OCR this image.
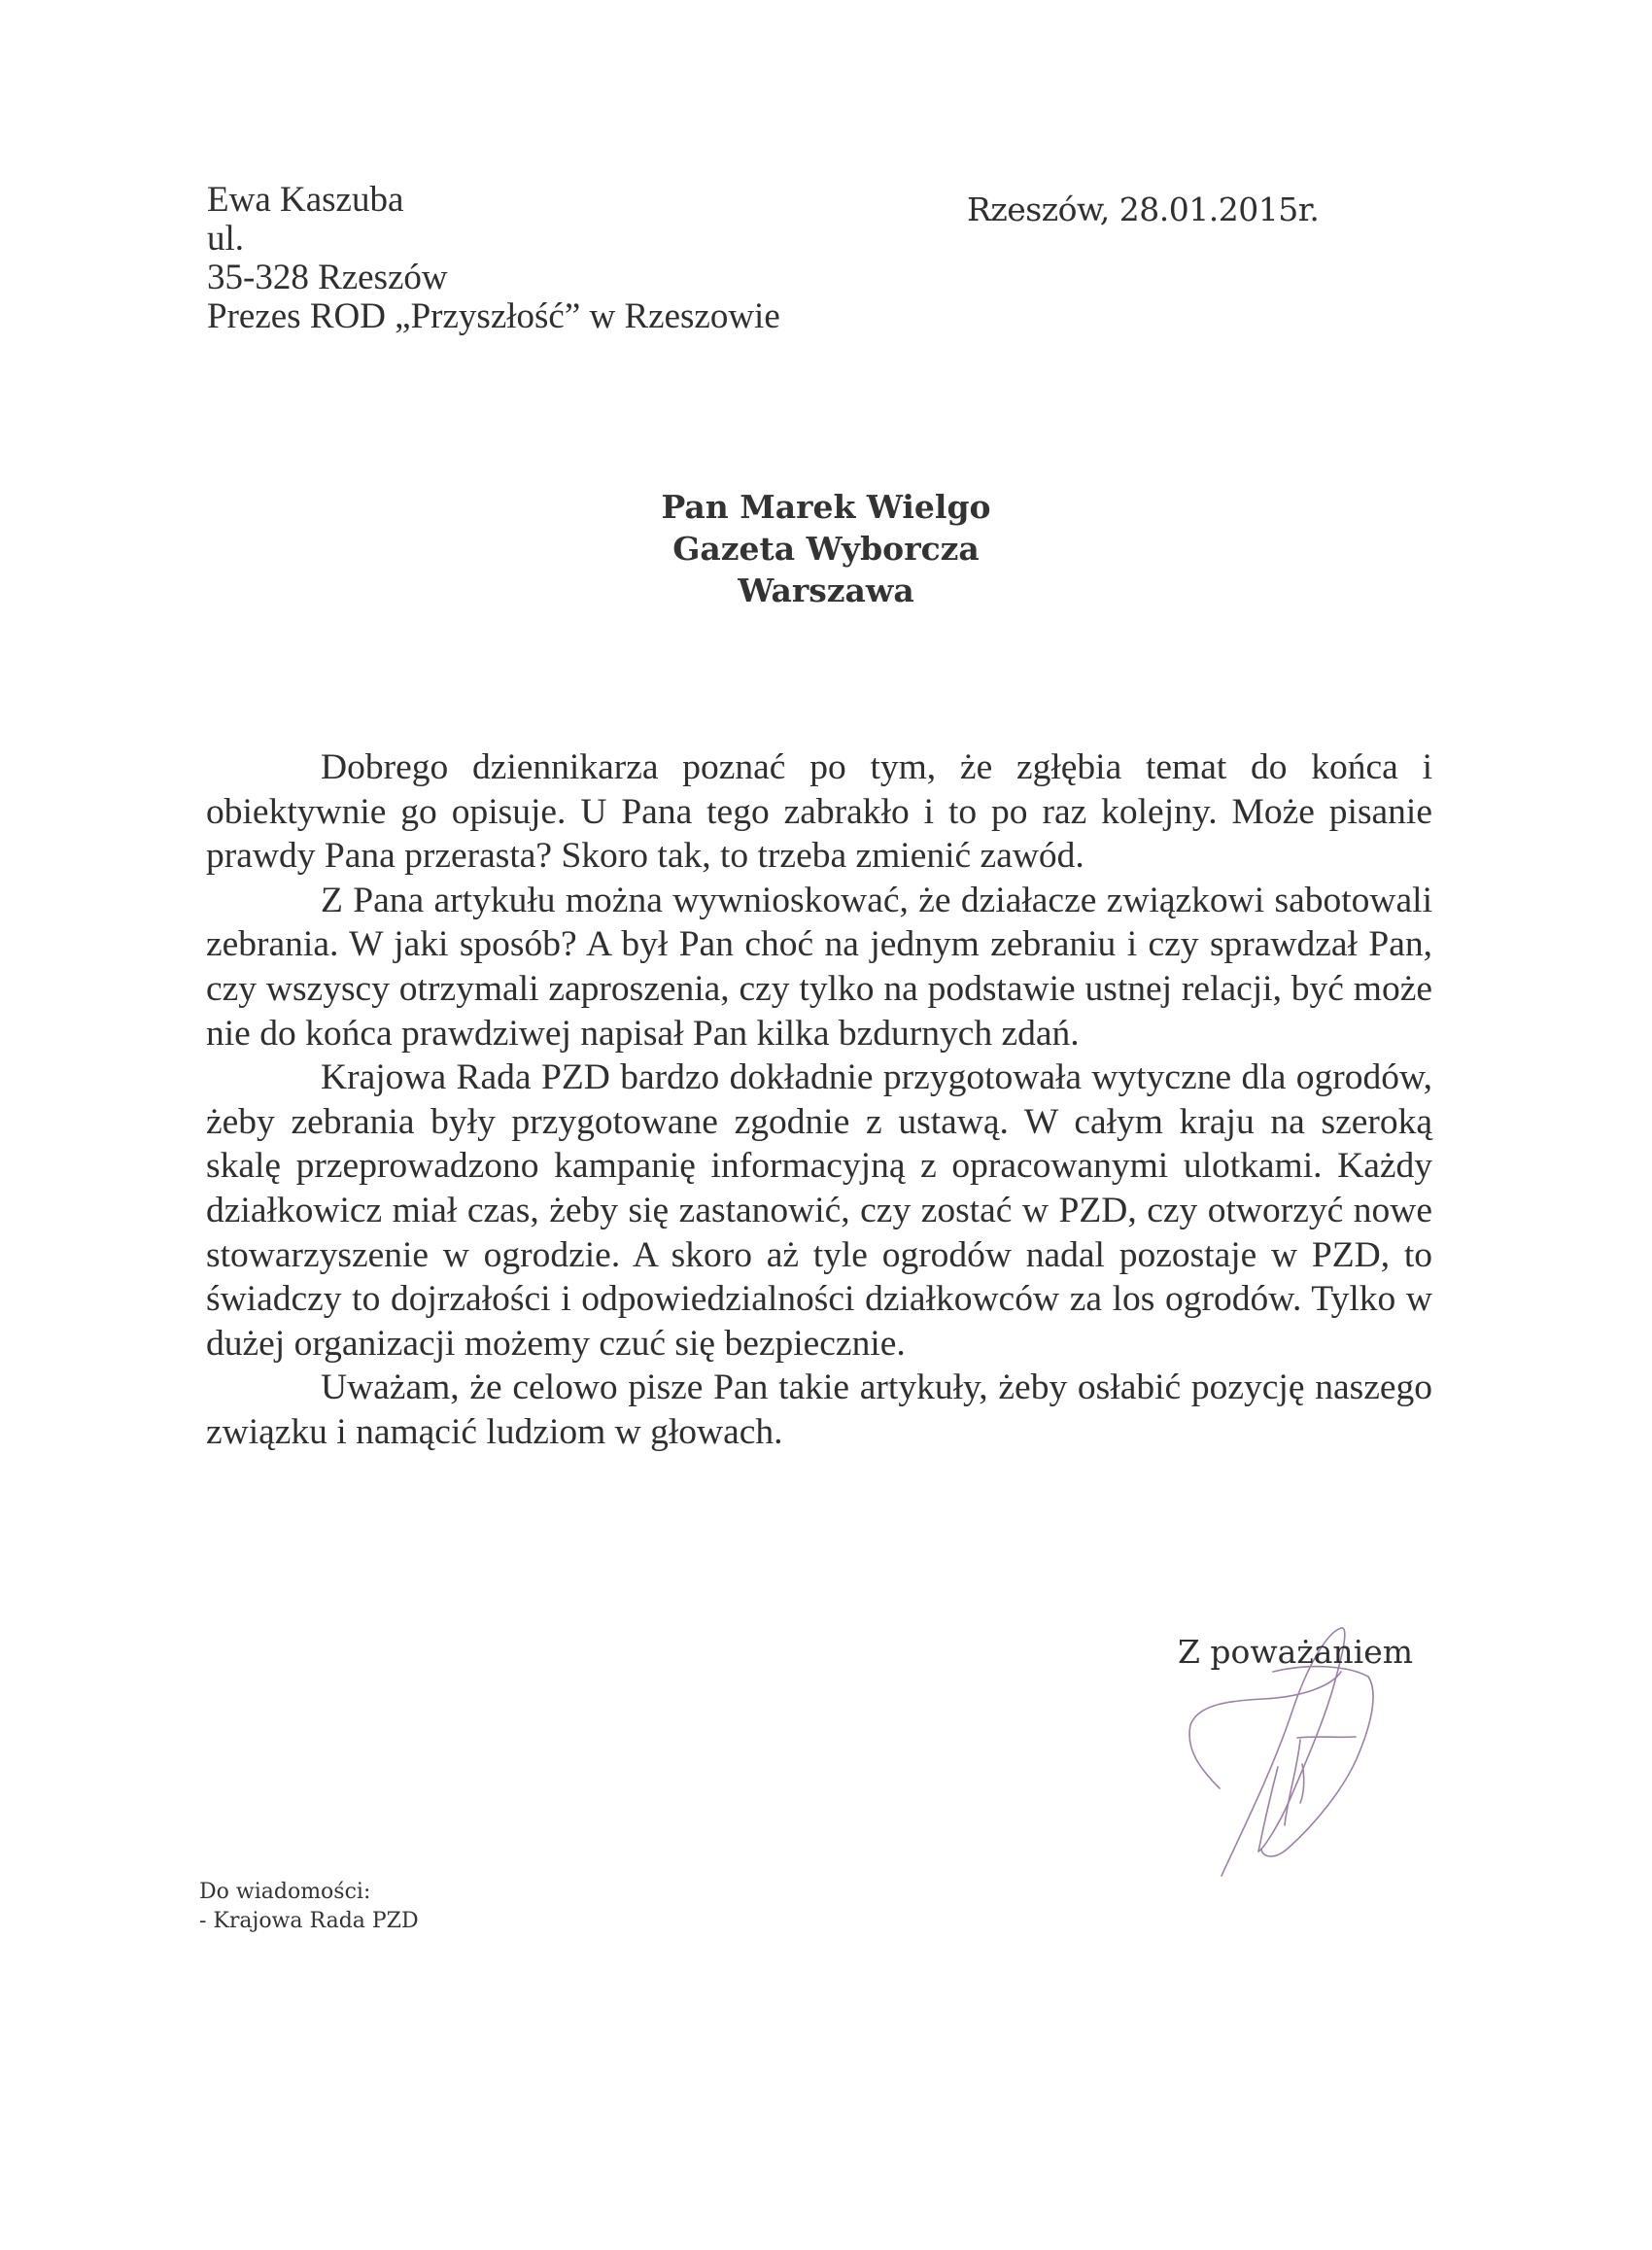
Ewa Kaszuba
ul.
35-328 Rzeszów
Prezes ROD „Przyszłość” w Rzeszowie
Rzeszów, 28.01.2015r.
Pan Marek Wielgo
Gazeta Wyborcza
Warszawa

Dobrego dziennikarza poznać po tym, że zgłębia temat do końca i obiektywnie go opisuje. U Pana tego zabrakło i to po raz kolejny. Może pisanie prawdy Pana przerasta? Skoro tak, to trzeba zmienić zawód.

Z Pana artykułu można wywnioskować, że działacze związkowi sabotowali zebrania. W jaki sposób? A był Pan choć na jednym zebraniu i czy sprawdzał Pan, czy wszyscy otrzymali zaproszenia, czy tylko na podstawie ustnej relacji, być może nie do końca prawdziwej napisał Pan kilka bzdurnych zdań.

Krajowa Rada PZD bardzo dokładnie przygotowała wytyczne dla ogrodów, żeby zebrania były przygotowane zgodnie z ustawą. W całym kraju na szeroką skalę przeprowadzono kampanię informacyjną z opracowanymi ulotkami. Każdy działkowicz miał czas, żeby się zastanowić, czy zostać w PZD, czy otworzyć nowe stowarzyszenie w ogrodzie. A skoro aż tyle ogrodów nadal pozostaje w PZD, to świadczy to dojrzałości i odpowiedzialności działkowców za los ogrodów. Tylko w dużej organizacji możemy czuć się bezpiecznie.

Uważam, że celowo pisze Pan takie artykuły, żeby osłabić pozycję naszego związku i namącić ludziom w głowach.

Z poważaniem
Do wiadomości:
- Krajowa Rada PZD
